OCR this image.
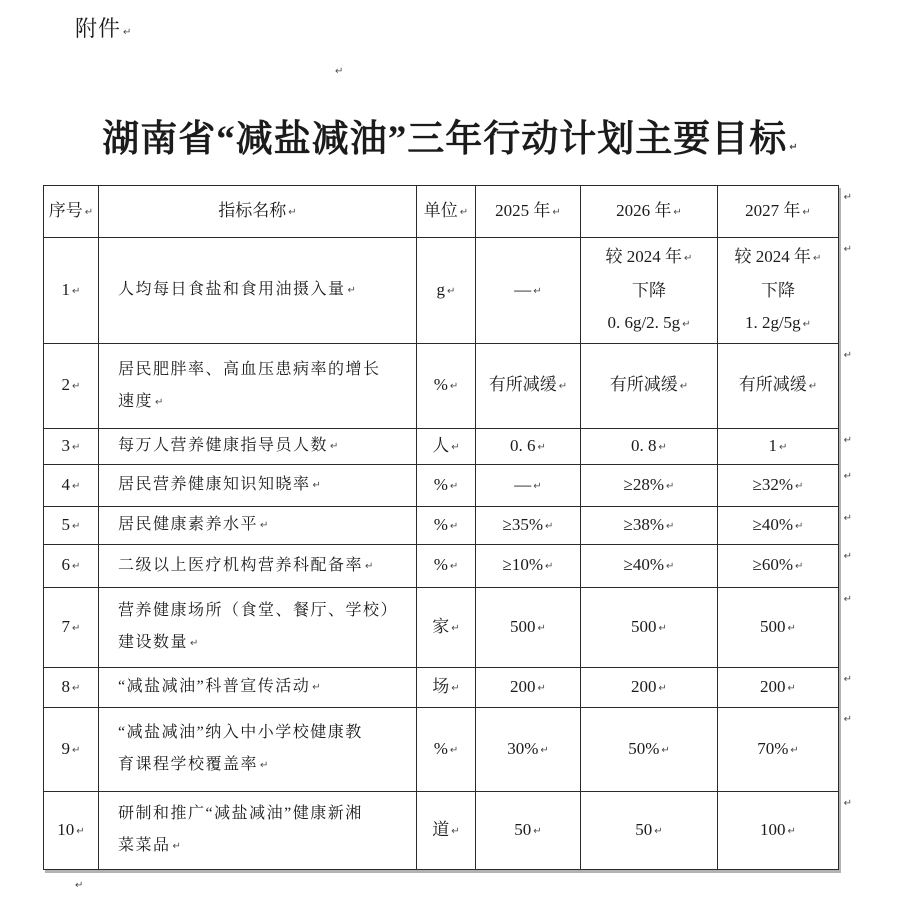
附件 ↵
↵
湖南省“减盐减油”三年行动计划主要目标 ↵
序号 ↵	指标名称 ↵	单位 ↵	2025 年 ↵	2026 年 ↵	2027 年 ↵
↵

1 ↵	人均每日食盐和食用油摄入量 ↵	g ↵	— ↵	较 2024 年 ↵
下降
0. 6g/2. 5g ↵	较 2024 年 ↵
下降
1. 2g/5g ↵
↵

2 ↵	居民肥胖率、高血压患病率的增长
速度 ↵	% ↵	有所减缓 ↵	有所减缓 ↵	有所减缓 ↵
↵

3 ↵	每万人营养健康指导员人数 ↵	人 ↵	0. 6 ↵	0. 8 ↵	1 ↵
↵

4 ↵	居民营养健康知识知晓率 ↵	% ↵	— ↵	≥28% ↵	≥32% ↵
↵

5 ↵	居民健康素养水平 ↵	% ↵	≥35% ↵	≥38% ↵	≥40% ↵
↵

6 ↵	二级以上医疗机构营养科配备率 ↵	% ↵	≥10% ↵	≥40% ↵	≥60% ↵
↵

7 ↵	营养健康场所（食堂、餐厅、学校）
建设数量 ↵	家 ↵	500 ↵	500 ↵	500 ↵
↵

8 ↵	“减盐减油”科普宣传活动 ↵	场 ↵	200 ↵	200 ↵	200 ↵
↵

9 ↵	“减盐减油”纳入中小学校健康教
育课程学校覆盖率 ↵	% ↵	30% ↵	50% ↵	70% ↵
↵

10 ↵	研制和推广“减盐减油”健康新湘
菜菜品 ↵	道 ↵	50 ↵	50 ↵	100 ↵
↵
↵
